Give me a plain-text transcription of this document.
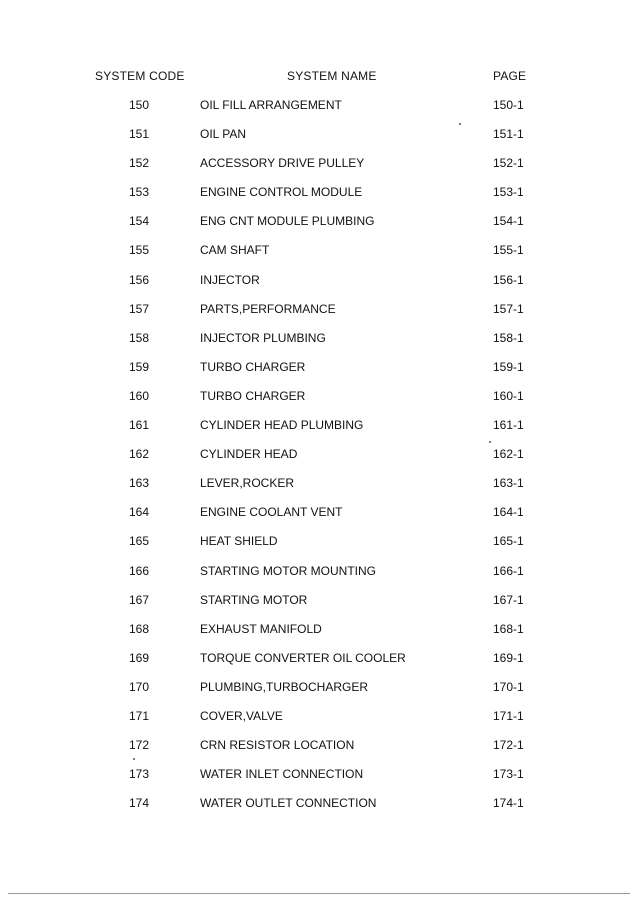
SYSTEM CODE	SYSTEM NAME	PAGE
150	OIL FILL ARRANGEMENT	150-1
151	OIL PAN	151-1
152	ACCESSORY DRIVE PULLEY	152-1
153	ENGINE CONTROL MODULE	153-1
154	ENG CNT MODULE PLUMBING	154-1
155	CAM SHAFT	155-1
156	INJECTOR	156-1
157	PARTS,PERFORMANCE	157-1
158	INJECTOR PLUMBING	158-1
159	TURBO CHARGER	159-1
160	TURBO CHARGER	160-1
161	CYLINDER HEAD PLUMBING	161-1
162	CYLINDER HEAD	162-1
163	LEVER,ROCKER	163-1
164	ENGINE COOLANT VENT	164-1
165	HEAT SHIELD	165-1
166	STARTING MOTOR MOUNTING	166-1
167	STARTING MOTOR	167-1
168	EXHAUST MANIFOLD	168-1
169	TORQUE CONVERTER OIL COOLER	169-1
170	PLUMBING,TURBOCHARGER	170-1
171	COVER,VALVE	171-1
172	CRN RESISTOR LOCATION	172-1
173	WATER INLET CONNECTION	173-1
174	WATER OUTLET CONNECTION	174-1
